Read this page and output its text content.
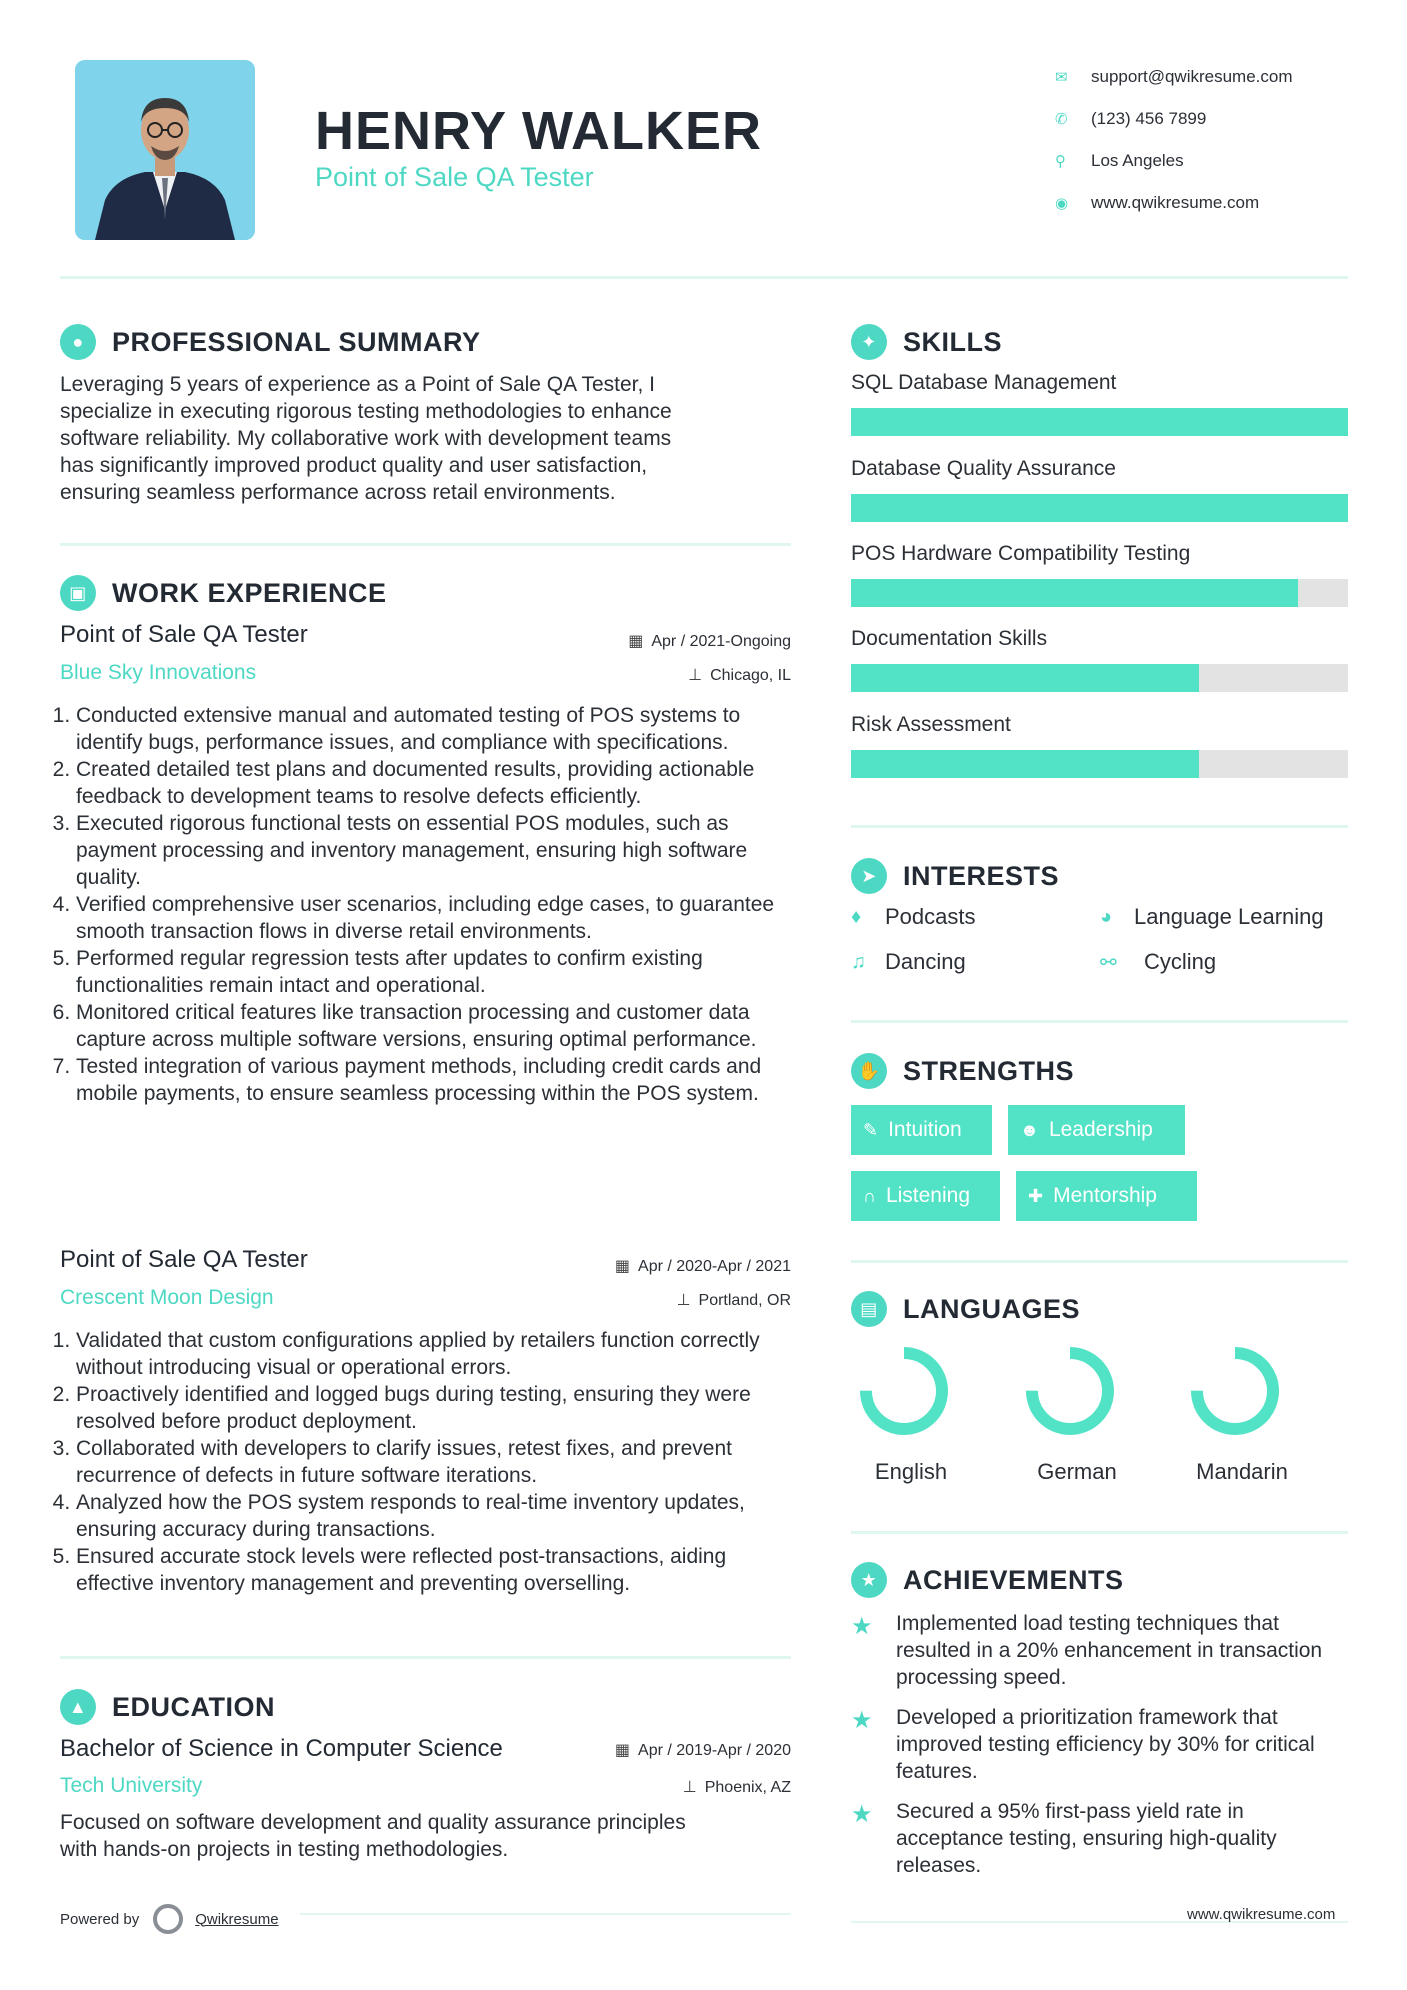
HENRY WALKER
Point of Sale QA Tester
✉	support@qwikresume.com
✆	(123) 456 7899
⚲	Los Angeles
◉	www.qwikresume.com
●	PROFESSIONAL SUMMARY
Leveraging 5 years of experience as a Point of Sale QA Tester, I
specialize in executing rigorous testing methodologies to enhance
software reliability. My collaborative work with development teams
has significantly improved product quality and user satisfaction,
ensuring seamless performance across retail environments.
▣ WORK EXPERIENCE
Point of Sale QA Tester	▦ Apr / 2021-Ongoing
Blue Sky Innovations	⊥ Chicago, IL
1. Conducted extensive manual and automated testing of POS systems to identify bugs, performance issues, and compliance with specifications.
2. Created detailed test plans and documented results, providing actionable feedback to development teams to resolve defects efficiently.
3. Executed rigorous functional tests on essential POS modules, such as payment processing and inventory management, ensuring high software quality.
4. Verified comprehensive user scenarios, including edge cases, to guarantee smooth transaction flows in diverse retail environments.
5. Performed regular regression tests after updates to confirm existing functionalities remain intact and operational.
6. Monitored critical features like transaction processing and customer data capture across multiple software versions, ensuring optimal performance.
7. Tested integration of various payment methods, including credit cards and mobile payments, to ensure seamless processing within the POS system.
Point of Sale QA Tester	▦ Apr / 2020-Apr / 2021
Crescent Moon Design	⊥ Portland, OR
1. Validated that custom configurations applied by retailers function correctly without introducing visual or operational errors.
2. Proactively identified and logged bugs during testing, ensuring they were resolved before product deployment.
3. Collaborated with developers to clarify issues, retest fixes, and prevent recurrence of defects in future software iterations.
4. Analyzed how the POS system responds to real-time inventory updates, ensuring accuracy during transactions.
5. Ensured accurate stock levels were reflected post-transactions, aiding effective inventory management and preventing overselling.
▲ EDUCATION
Bachelor of Science in Computer Science	▦ Apr / 2019-Apr / 2020
Tech University	⊥ Phoenix, AZ
Focused on software development and quality assurance principles
with hands-on projects in testing methodologies.
✦ SKILLS
SQL Database Management
Database Quality Assurance
POS Hardware Compatibility Testing
Documentation Skills
Risk Assessment
➤ INTERESTS
♦	Podcasts	◕ Language Learning
♫ Dancing	⚯	Cycling
✋ STRENGTHS
✎ Intuition	☻ Leadership
∩ Listening	✚ Mentorship
▤ LANGUAGES
English	German	Mandarin
★ ACHIEVEMENTS
★	Implemented load testing techniques that resulted in a 20% enhancement in transaction processing speed.
★	Developed a prioritization framework that improved testing efficiency by 30% for critical features.
★	Secured a 95% first-pass yield rate in acceptance testing, ensuring high-quality releases.
Powered by	Qwikresume	www.qwikresume.com
